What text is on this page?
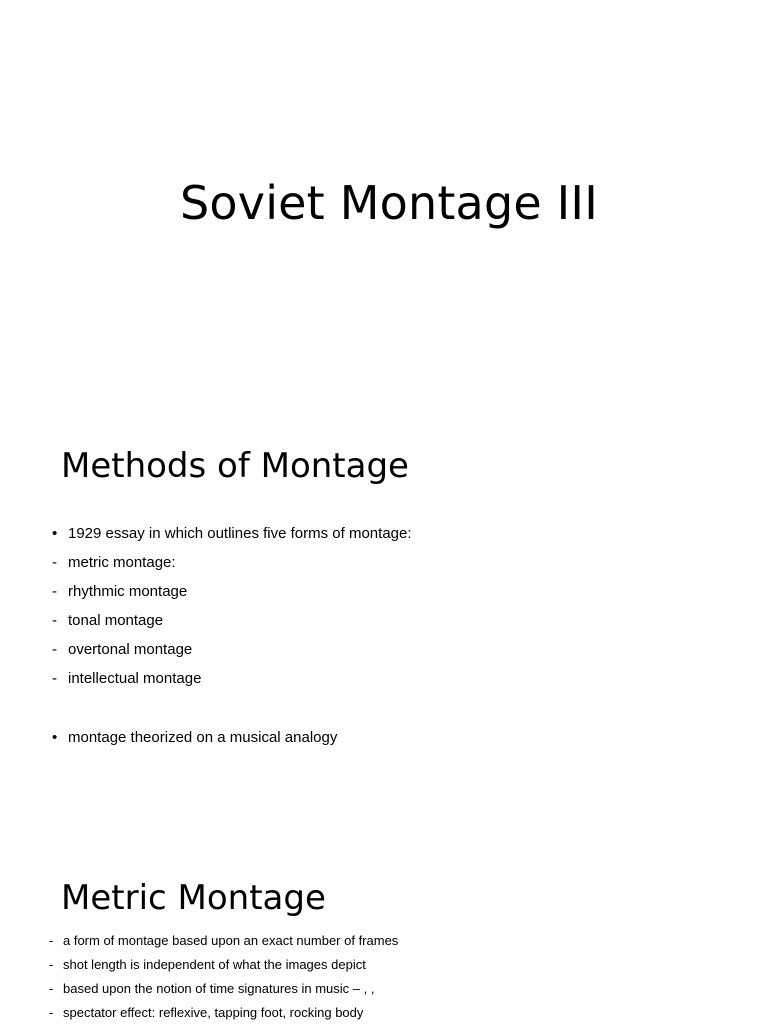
Soviet Montage III
Methods of Montage
• 1929 essay in which outlines five forms of montage:
- metric montage:
- rhythmic montage
- tonal montage
- overtonal montage
- intellectual montage
• montage theorized on a musical analogy
Metric Montage
- a form of montage based upon an exact number of frames
- shot length is independent of what the images depict
- based upon the notion of time signatures in music – , ,
- spectator effect: reflexive, tapping foot, rocking body
